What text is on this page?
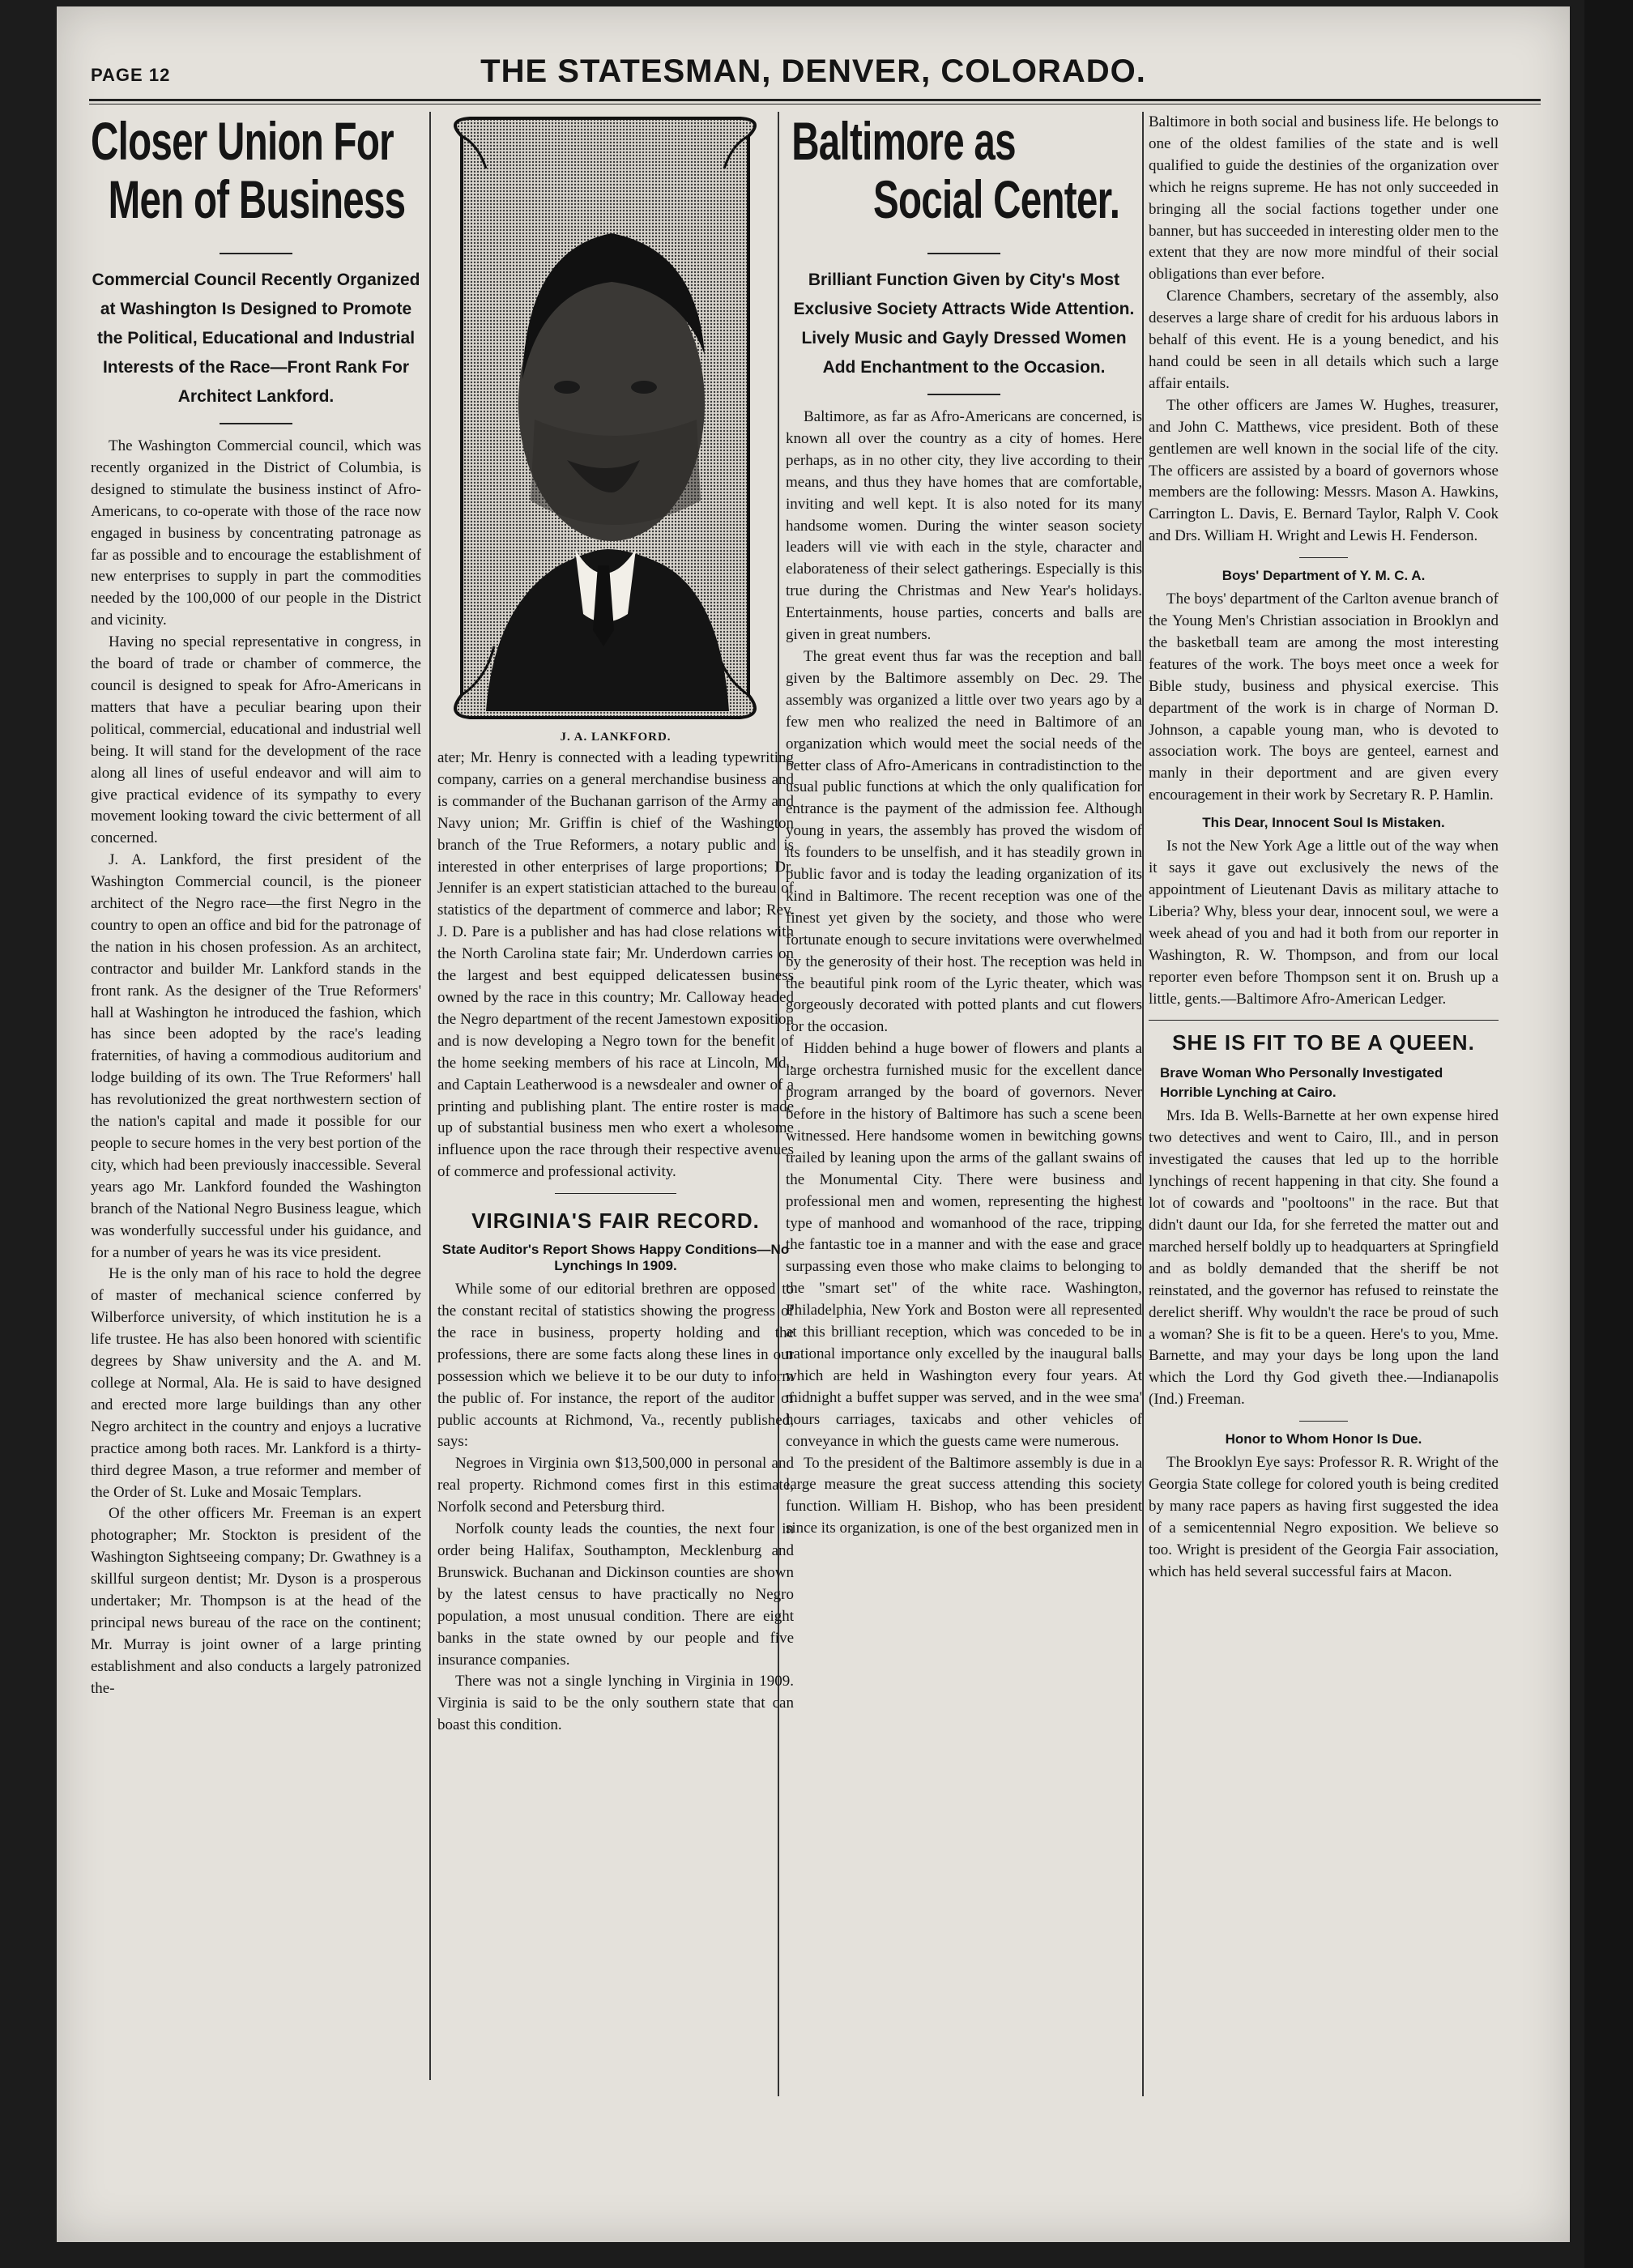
PAGE 12	THE STATESMAN, DENVER, COLORADO.
Closer Union For
Men of Business
Commercial Council Recently Organized at Washington Is Designed to Promote the Political, Educational and Industrial Interests of the Race—Front Rank For Architect Lankford.

The Washington Commercial council, which was recently organized in the District of Columbia, is designed to stimulate the business instinct of Afro-Americans, to co-operate with those of the race now engaged in business by concentrating patronage as far as possible and to encourage the establishment of new enterprises to supply in part the commodities needed by the 100,000 of our people in the District and vicinity.

Having no special representative in congress, in the board of trade or chamber of commerce, the council is designed to speak for Afro-Americans in matters that have a peculiar bearing upon their political, commercial, educational and industrial well being. It will stand for the development of the race along all lines of useful endeavor and will aim to give practical evidence of its sympathy to every movement looking toward the civic betterment of all concerned.

J. A. Lankford, the first president of the Washington Commercial council, is the pioneer architect of the Negro race—the first Negro in the country to open an office and bid for the patronage of the nation in his chosen profession. As an architect, contractor and builder Mr. Lankford stands in the front rank. As the designer of the True Reformers' hall at Washington he introduced the fashion, which has since been adopted by the race's leading fraternities, of having a commodious auditorium and lodge building of its own. The True Reformers' hall has revolutionized the great northwestern section of the nation's capital and made it possible for our people to secure homes in the very best portion of the city, which had been previously inaccessible. Several years ago Mr. Lankford founded the Washington branch of the National Negro Business league, which was wonderfully successful under his guidance, and for a number of years he was its vice president.

He is the only man of his race to hold the degree of master of mechanical science conferred by Wilberforce university, of which institution he is a life trustee. He has also been honored with scientific degrees by Shaw university and the A. and M. college at Normal, Ala. He is said to have designed and erected more large buildings than any other Negro architect in the country and enjoys a lucrative practice among both races. Mr. Lankford is a thirty-third degree Mason, a true reformer and member of the Order of St. Luke and Mosaic Templars.

Of the other officers Mr. Freeman is an expert photographer; Mr. Stockton is president of the Washington Sightseeing company; Dr. Gwathney is a skillful surgeon dentist; Mr. Dyson is a prosperous undertaker; Mr. Thompson is at the head of the principal news bureau of the race on the continent; Mr. Murray is joint owner of a large printing establishment and also conducts a largely patronized the-

J. A. LANKFORD.

ater; Mr. Henry is connected with a leading typewriting company, carries on a general merchandise business and is commander of the Buchanan garrison of the Army and Navy union; Mr. Griffin is chief of the Washington branch of the True Reformers, a notary public and is interested in other enterprises of large proportions; Dr. Jennifer is an expert statistician attached to the bureau of statistics of the department of commerce and labor; Rev. J. D. Pare is a publisher and has had close relations with the North Carolina state fair; Mr. Underdown carries on the largest and best equipped delicatessen business owned by the race in this country; Mr. Calloway headed the Negro department of the recent Jamestown exposition and is now developing a Negro town for the benefit of the home seeking members of his race at Lincoln, Md., and Captain Leatherwood is a newsdealer and owner of a printing and publishing plant. The entire roster is made up of substantial business men who exert a wholesome influence upon the race through their respective avenues of commerce and professional activity.

VIRGINIA'S FAIR RECORD.
State Auditor's Report Shows Happy Conditions—No Lynchings In 1909.

While some of our editorial brethren are opposed to the constant recital of statistics showing the progress of the race in business, property holding and the professions, there are some facts along these lines in our possession which we believe it to be our duty to inform the public of. For instance, the report of the auditor of public accounts at Richmond, Va., recently published, says:

Negroes in Virginia own $13,500,000 in personal and real property. Richmond comes first in this estimate, Norfolk second and Petersburg third.

Norfolk county leads the counties, the next four in order being Halifax, Southampton, Mecklenburg and Brunswick. Buchanan and Dickinson counties are shown by the latest census to have practically no Negro population, a most unusual condition. There are eight banks in the state owned by our people and five insurance companies.

There was not a single lynching in Virginia in 1909. Virginia is said to be the only southern state that can boast this condition.

Baltimore as
Social Center.
Brilliant Function Given by City's Most Exclusive Society Attracts Wide Attention. Lively Music and Gayly Dressed Women Add Enchantment to the Occasion.

Baltimore, as far as Afro-Americans are concerned, is known all over the country as a city of homes. Here perhaps, as in no other city, they live according to their means, and thus they have homes that are comfortable, inviting and well kept. It is also noted for its many handsome women. During the winter season society leaders will vie with each in the style, character and elaborateness of their select gatherings. Especially is this true during the Christmas and New Year's holidays. Entertainments, house parties, concerts and balls are given in great numbers.

The great event thus far was the reception and ball given by the Baltimore assembly on Dec. 29. The assembly was organized a little over two years ago by a few men who realized the need in Baltimore of an organization which would meet the social needs of the better class of Afro-Americans in contradistinction to the usual public functions at which the only qualification for entrance is the payment of the admission fee. Although young in years, the assembly has proved the wisdom of its founders to be unselfish, and it has steadily grown in public favor and is today the leading organization of its kind in Baltimore. The recent reception was one of the finest yet given by the society, and those who were fortunate enough to secure invitations were overwhelmed by the generosity of their host. The reception was held in the beautiful pink room of the Lyric theater, which was gorgeously decorated with potted plants and cut flowers for the occasion.

Hidden behind a huge bower of flowers and plants a large orchestra furnished music for the excellent dance program arranged by the board of governors. Never before in the history of Baltimore has such a scene been witnessed. Here handsome women in bewitching gowns trailed by leaning upon the arms of the gallant swains of the Monumental City. There were business and professional men and women, representing the highest type of manhood and womanhood of the race, tripping the fantastic toe in a manner and with the ease and grace surpassing even those who make claims to belonging to the "smart set" of the white race. Washington, Philadelphia, New York and Boston were all represented at this brilliant reception, which was conceded to be in national importance only excelled by the inaugural balls which are held in Washington every four years. At midnight a buffet supper was served, and in the wee sma' hours carriages, taxicabs and other vehicles of conveyance in which the guests came were numerous.

To the president of the Baltimore assembly is due in a large measure the great success attending this society function. William H. Bishop, who has been president since its organization, is one of the best organized men in

Baltimore in both social and business life. He belongs to one of the oldest families of the state and is well qualified to guide the destinies of the organization over which he reigns supreme. He has not only succeeded in bringing all the social factions together under one banner, but has succeeded in interesting older men to the extent that they are now more mindful of their social obligations than ever before.

Clarence Chambers, secretary of the assembly, also deserves a large share of credit for his arduous labors in behalf of this event. He is a young benedict, and his hand could be seen in all details which such a large affair entails.

The other officers are James W. Hughes, treasurer, and John C. Matthews, vice president. Both of these gentlemen are well known in the social life of the city. The officers are assisted by a board of governors whose members are the following: Messrs. Mason A. Hawkins, Carrington L. Davis, E. Bernard Taylor, Ralph V. Cook and Drs. William H. Wright and Lewis H. Fenderson.

Boys' Department of Y. M. C. A.

The boys' department of the Carlton avenue branch of the Young Men's Christian association in Brooklyn and the basketball team are among the most interesting features of the work. The boys meet once a week for Bible study, business and physical exercise. This department of the work is in charge of Norman D. Johnson, a capable young man, who is devoted to association work. The boys are genteel, earnest and manly in their deportment and are given every encouragement in their work by Secretary R. P. Hamlin.

This Dear, Innocent Soul Is Mistaken.

Is not the New York Age a little out of the way when it says it gave out exclusively the news of the appointment of Lieutenant Davis as military attache to Liberia? Why, bless your dear, innocent soul, we were a week ahead of you and had it both from our reporter in Washington, R. W. Thompson, and from our local reporter even before Thompson sent it on. Brush up a little, gents.—Baltimore Afro-American Ledger.

SHE IS FIT TO BE A QUEEN.
Brave Woman Who Personally Investigated Horrible Lynching at Cairo.

Mrs. Ida B. Wells-Barnette at her own expense hired two detectives and went to Cairo, Ill., and in person investigated the causes that led up to the horrible lynchings of recent happening in that city. She found a lot of cowards and "pooltoons" in the race. But that didn't daunt our Ida, for she ferreted the matter out and marched herself boldly up to headquarters at Springfield and as boldly demanded that the sheriff be not reinstated, and the governor has refused to reinstate the derelict sheriff. Why wouldn't the race be proud of such a woman? She is fit to be a queen. Here's to you, Mme. Barnette, and may your days be long upon the land which the Lord thy God giveth thee.—Indianapolis (Ind.) Freeman.

Honor to Whom Honor Is Due.

The Brooklyn Eye says: Professor R. R. Wright of the Georgia State college for colored youth is being credited by many race papers as having first suggested the idea of a semicentennial Negro exposition. We believe so too. Wright is president of the Georgia Fair association, which has held several successful fairs at Macon.
